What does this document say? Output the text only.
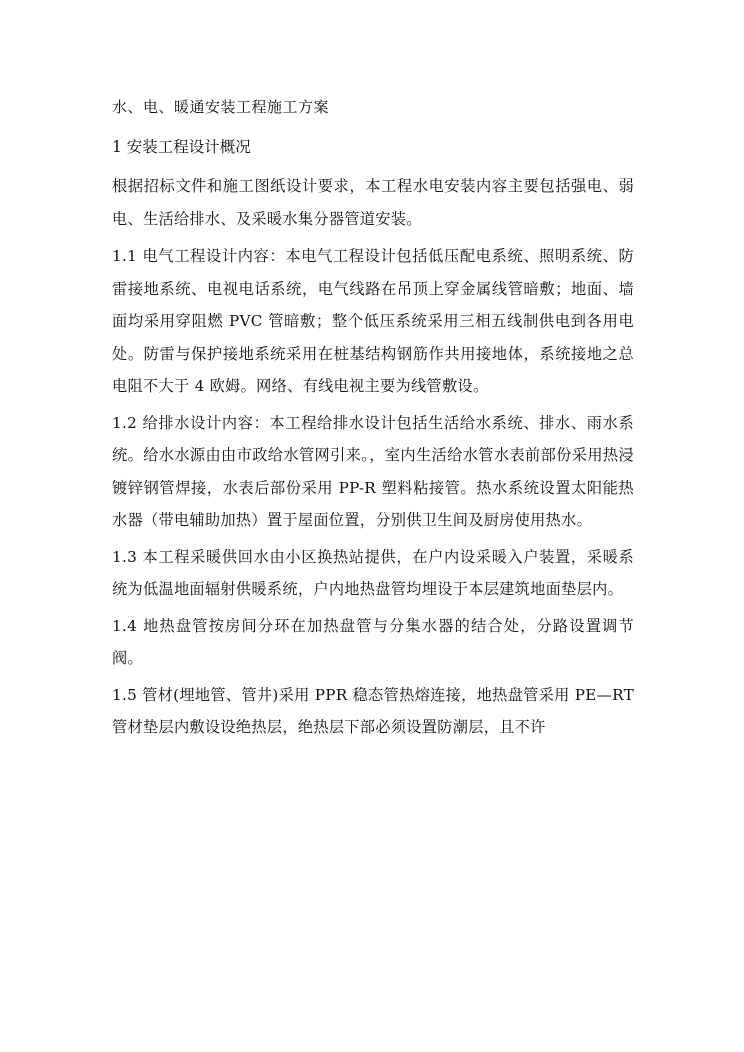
水、电、暖通安装工程施工方案
1 安装工程设计概况

根据招标文件和施工图纸设计要求，本工程水电安装内容主要包括强电、弱电、生活给排水、及采暖水集分器管道安装。

1.1 电气工程设计内容：本电气工程设计包括低压配电系统、照明系统、防雷接地系统、电视电话系统，电气线路在吊顶上穿金属线管暗敷；地面、墙面均采用穿阻燃 PVC 管暗敷；整个低压系统采用三相五线制供电到各用电处。防雷与保护接地系统采用在桩基结构钢筋作共用接地体，系统接地之总电阻不大于 4 欧姆。网络、有线电视主要为线管敷设。

1.2 给排水设计内容：本工程给排水设计包括生活给水系统、排水、雨水系统。给水水源由由市政给水管网引来。，室内生活给水管水表前部份采用热浸镀锌钢管焊接，水表后部份采用 PP-R 塑料粘接管。热水系统设置太阳能热水器（带电辅助加热）置于屋面位置，分别供卫生间及厨房使用热水。

1.3 本工程采暖供回水由小区换热站提供，在户内设采暖入户装置，采暖系统为低温地面辐射供暖系统，户内地热盘管均埋设于本层建筑地面垫层内。

1.4 地热盘管按房间分环在加热盘管与分集水器的结合处，分路设置调节阀。

1.5 管材(埋地管、管井)采用 PPR 稳态管热熔连接，地热盘管采用 PE—RT 管材垫层内敷设设绝热层，绝热层下部必须设置防潮层，且不许
